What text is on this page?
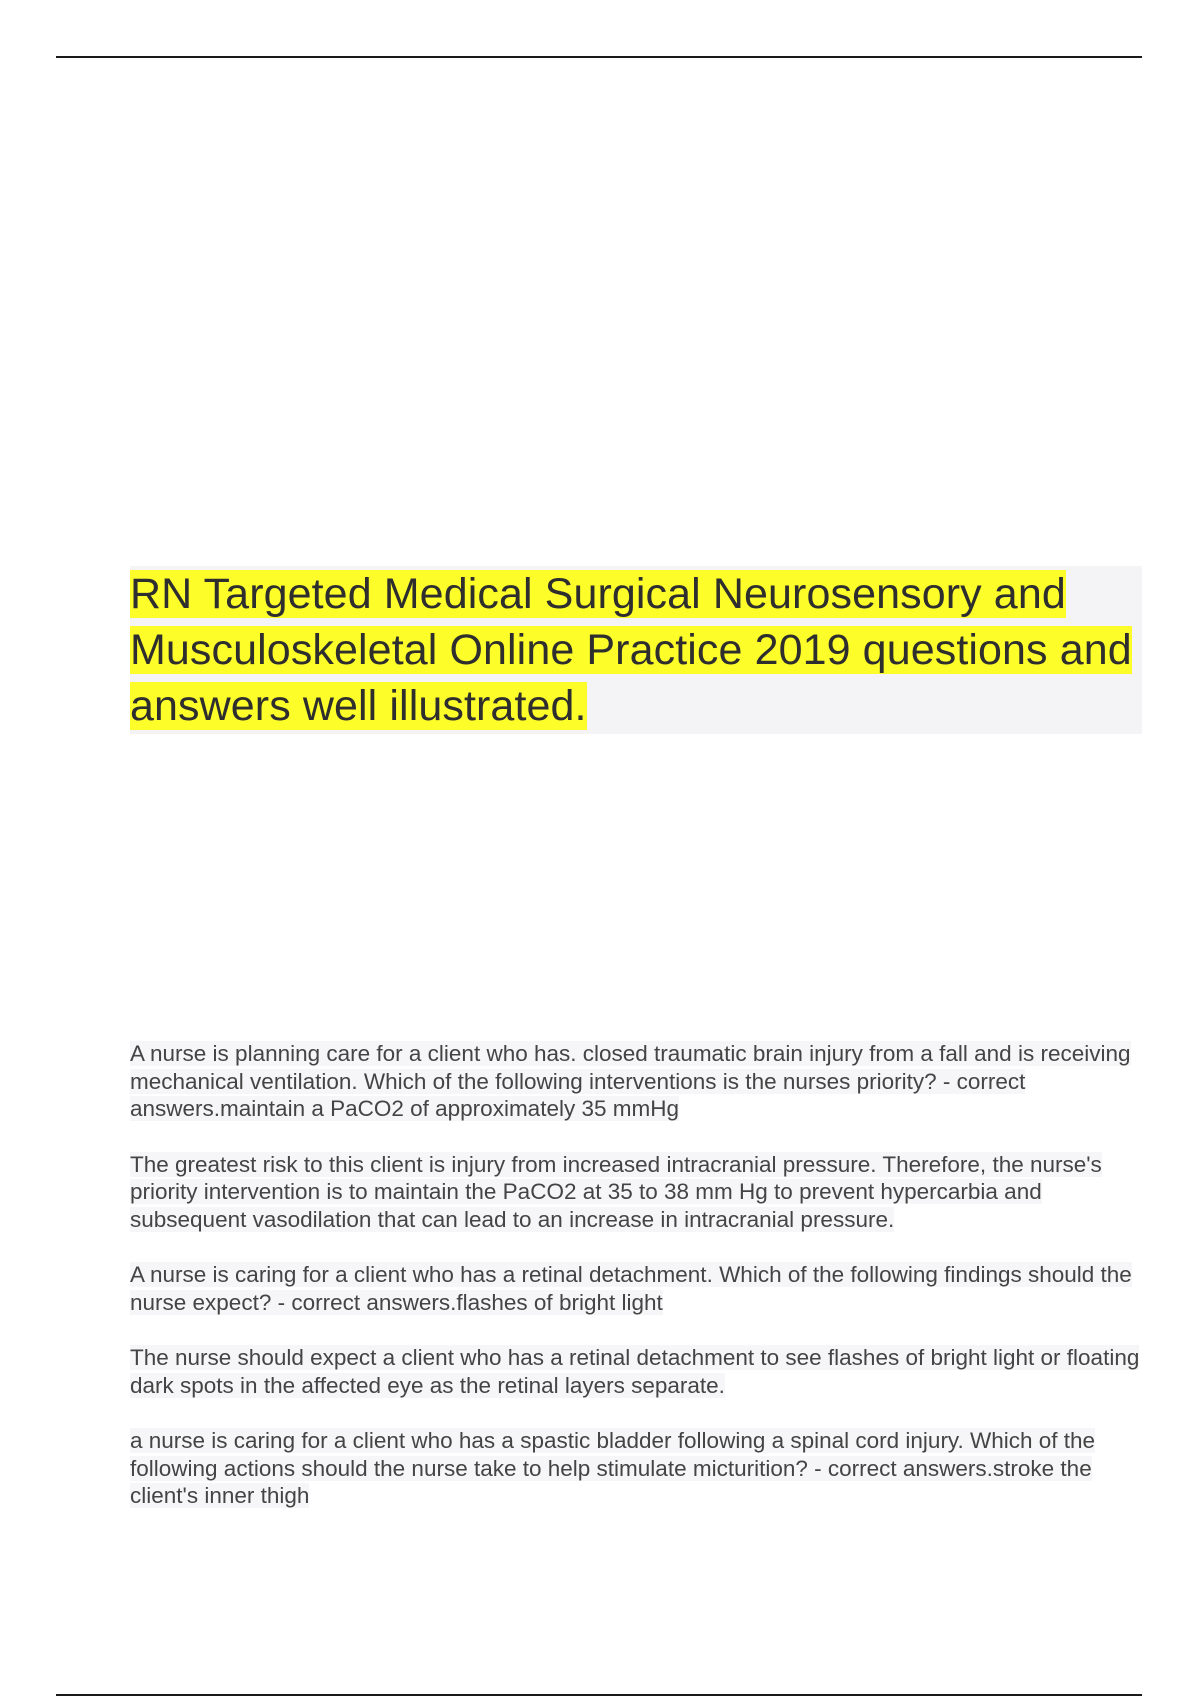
RN Targeted Medical Surgical Neurosensory and Musculoskeletal Online Practice 2019 questions and answers well illustrated.

A nurse is planning care for a client who has. closed traumatic brain injury from a fall and is receiving mechanical ventilation. Which of the following interventions is the nurses priority? - correct answers.maintain a PaCO2 of approximately 35 mmHg

The greatest risk to this client is injury from increased intracranial pressure. Therefore, the nurse's priority intervention is to maintain the PaCO2 at 35 to 38 mm Hg to prevent hypercarbia and subsequent vasodilation that can lead to an increase in intracranial pressure.

A nurse is caring for a client who has a retinal detachment. Which of the following findings should the nurse expect? - correct answers.flashes of bright light

The nurse should expect a client who has a retinal detachment to see flashes of bright light or floating dark spots in the affected eye as the retinal layers separate.

a nurse is caring for a client who has a spastic bladder following a spinal cord injury. Which of the following actions should the nurse take to help stimulate micturition? - correct answers.stroke the client's inner thigh
